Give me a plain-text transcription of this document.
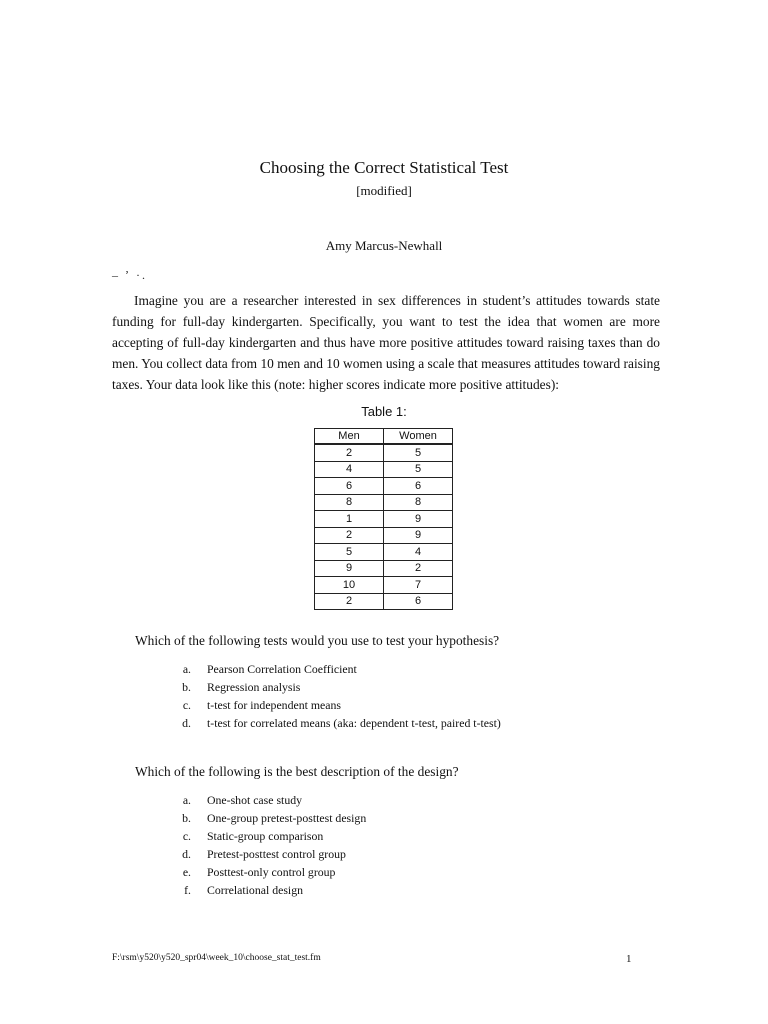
Choosing the Correct Statistical Test
[modified]
Amy Marcus-Newhall
– ʼ ·.
Imagine you are a researcher interested in sex differences in student’s attitudes towards state funding for full-day kindergarten. Specifically, you want to test the idea that women are more accepting of full-day kindergarten and thus have more positive attitudes toward raising taxes than do men. You collect data from 10 men and 10 women using a scale that measures attitudes toward raising taxes. Your data look like this (note: higher scores indicate more positive attitudes):
Table 1:
Men	Women
2	5
4	5
6	6
8	8
1	9
2	9
5	4
9	2
10	7
2	6
Which of the following tests would you use to test your hypothesis?
a.	Pearson Correlation Coefficient
b.	Regression analysis
c.	t-test for independent means
d.	t-test for correlated means (aka: dependent t-test, paired t-test)
Which of the following is the best description of the design?
a.	One-shot case study
b.	One-group pretest-posttest design
c.	Static-group comparison
d.	Pretest-posttest control group
e.	Posttest-only control group
f.	Correlational design
F:\rsm\y520\y520_spr04\week_10\choose_stat_test.fm	1
